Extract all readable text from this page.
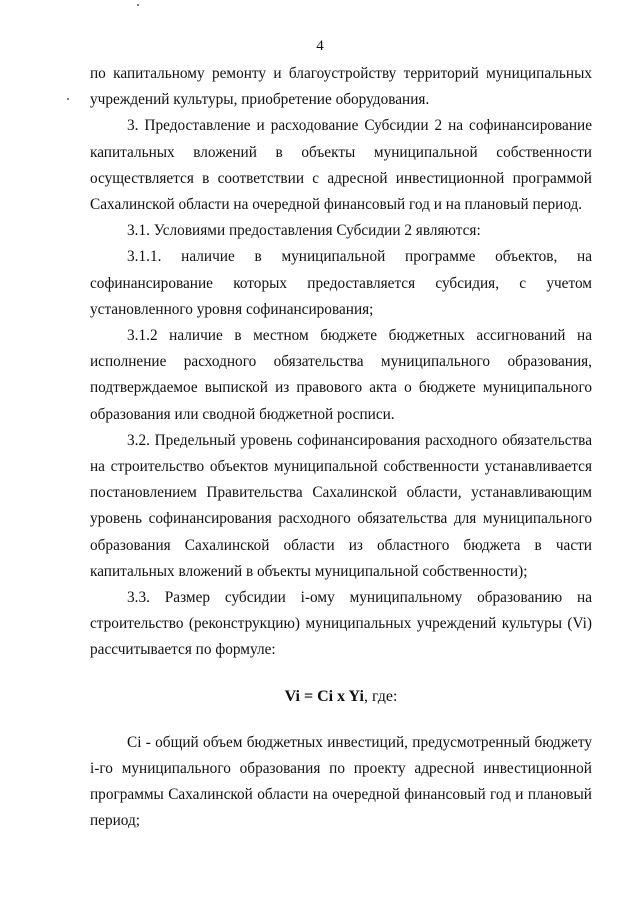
4

по капитальному ремонту и благоустройству территорий муниципальных учреждений культуры, приобретение оборудования.

3. Предоставление и расходование Субсидии 2 на софинансирование капитальных вложений в объекты муниципальной собственности осуществляется в соответствии с адресной инвестиционной программой Сахалинской области на очередной финансовый год и на плановый период.

3.1. Условиями предоставления Субсидии 2 являются:

3.1.1. наличие в муниципальной программе объектов, на софинансирование которых предоставляется субсидия, с учетом установленного уровня софинансирования;

3.1.2 наличие в местном бюджете бюджетных ассигнований на исполнение расходного обязательства муниципального образования, подтверждаемое выпиской из правового акта о бюджете муниципального образования или сводной бюджетной росписи.

3.2. Предельный уровень софинансирования расходного обязательства на строительство объектов муниципальной собственности устанавливается постановлением Правительства Сахалинской области, устанавливающим уровень софинансирования расходного обязательства для муниципального образования Сахалинской области из областного бюджета в части капитальных вложений в объекты муниципальной собственности);

3.3. Размер субсидии i-ому муниципальному образованию на строительство (реконструкцию) муниципальных учреждений культуры (Vi) рассчитывается по формуле:

Vi = Ci x Yi, где:

Ci - общий объем бюджетных инвестиций, предусмотренный бюджету i-го муниципального образования по проекту адресной инвестиционной программы Сахалинской области на очередной финансовый год и плановый период;
